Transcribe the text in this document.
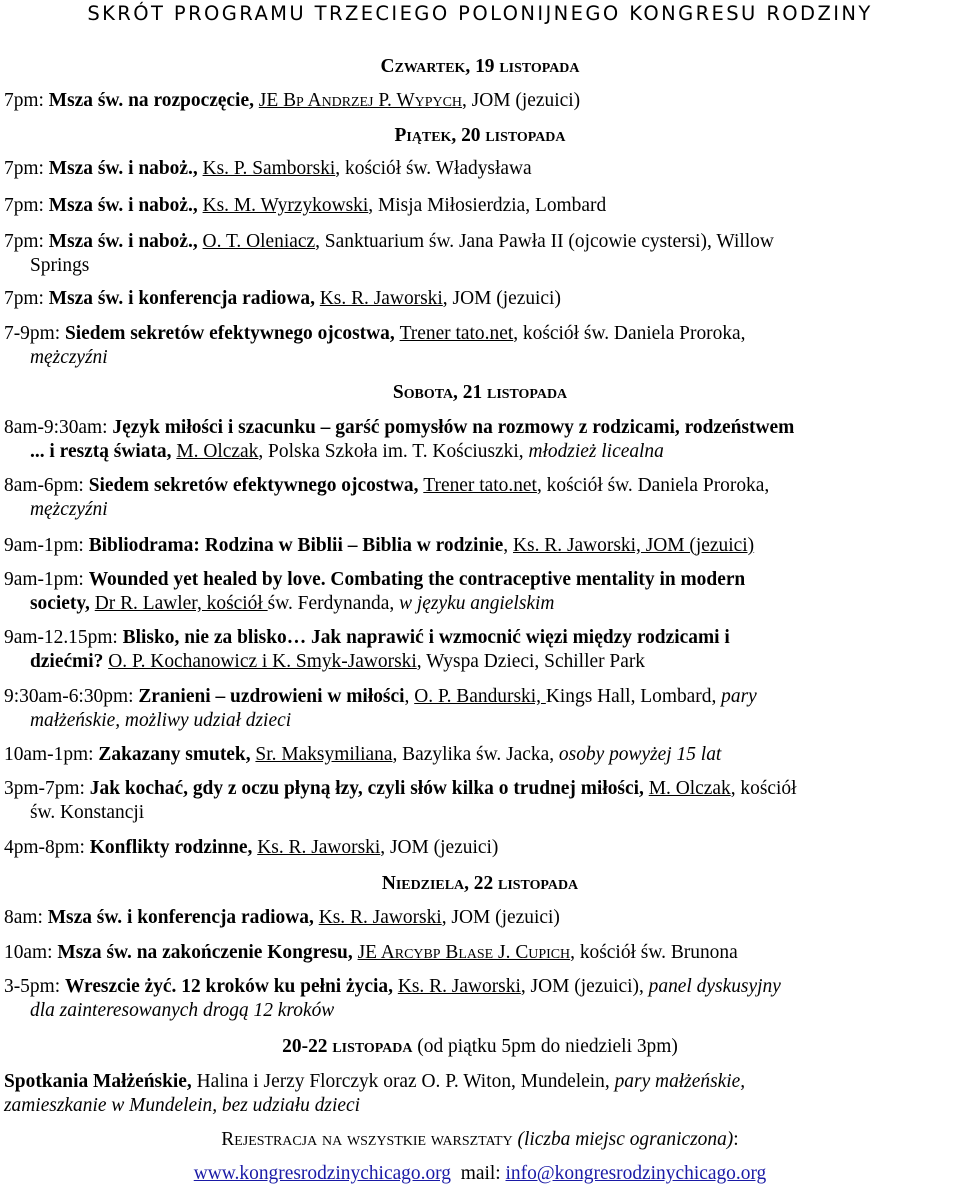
SKRÓT PROGRAMU TRZECIEGO POLONIJNEGO KONGRESU RODZINY
Czwartek, 19 listopada
7pm: Msza św. na rozpoczęcie, JE Bp Andrzej P. Wypych, JOM (jezuici)
Piątek, 20 listopada
7pm: Msza św. i naboż., Ks. P. Samborski, kościół św. Władysława
7pm: Msza św. i naboż., Ks. M. Wyrzykowski, Misja Miłosierdzia, Lombard
7pm: Msza św. i naboż., O. T. Oleniacz, Sanktuarium św. Jana Pawła II (ojcowie cystersi), Willow
Springs
7pm: Msza św. i konferencja radiowa, Ks. R. Jaworski, JOM (jezuici)
7-9pm: Siedem sekretów efektywnego ojcostwa, Trener tato.net, kościół św. Daniela Proroka,
mężczyźni
Sobota, 21 listopada
8am-9:30am: Język miłości i szacunku – garść pomysłów na rozmowy z rodzicami, rodzeństwem
... i resztą świata, M. Olczak, Polska Szkoła im. T. Kościuszki, młodzież licealna
8am-6pm: Siedem sekretów efektywnego ojcostwa, Trener tato.net, kościół św. Daniela Proroka,
mężczyźni
9am-1pm: Bibliodrama: Rodzina w Biblii – Biblia w rodzinie, Ks. R. Jaworski, JOM (jezuici)
9am-1pm: Wounded yet healed by love. Combating the contraceptive mentality in modern
society, Dr R. Lawler, kościół św. Ferdynanda, w języku angielskim
9am-12.15pm: Blisko, nie za blisko… Jak naprawić i wzmocnić więzi między rodzicami i
dziećmi? O. P. Kochanowicz i K. Smyk-Jaworski, Wyspa Dzieci, Schiller Park
9:30am-6:30pm: Zranieni – uzdrowieni w miłości, O. P. Bandurski, Kings Hall, Lombard, pary
małżeńskie, możliwy udział dzieci
10am-1pm: Zakazany smutek, Sr. Maksymiliana, Bazylika św. Jacka, osoby powyżej 15 lat
3pm-7pm: Jak kochać, gdy z oczu płyną łzy, czyli słów kilka o trudnej miłości, M. Olczak, kościół
św. Konstancji
4pm-8pm: Konflikty rodzinne, Ks. R. Jaworski, JOM (jezuici)
Niedziela, 22 listopada
8am: Msza św. i konferencja radiowa, Ks. R. Jaworski, JOM (jezuici)
10am: Msza św. na zakończenie Kongresu, JE Arcybp Blase J. Cupich, kościół św. Brunona
3-5pm: Wreszcie żyć. 12 kroków ku pełni życia, Ks. R. Jaworski, JOM (jezuici), panel dyskusyjny
dla zainteresowanych drogą 12 kroków
20-22 listopada (od piątku 5pm do niedzieli 3pm)
Spotkania Małżeńskie, Halina i Jerzy Florczyk oraz O. P. Witon, Mundelein, pary małżeńskie,
zamieszkanie w Mundelein, bez udziału dzieci
Rejestracja na wszystkie warsztaty (liczba miejsc ograniczona):
www.kongresrodzinychicago.org  mail: info@kongresrodzinychicago.org
